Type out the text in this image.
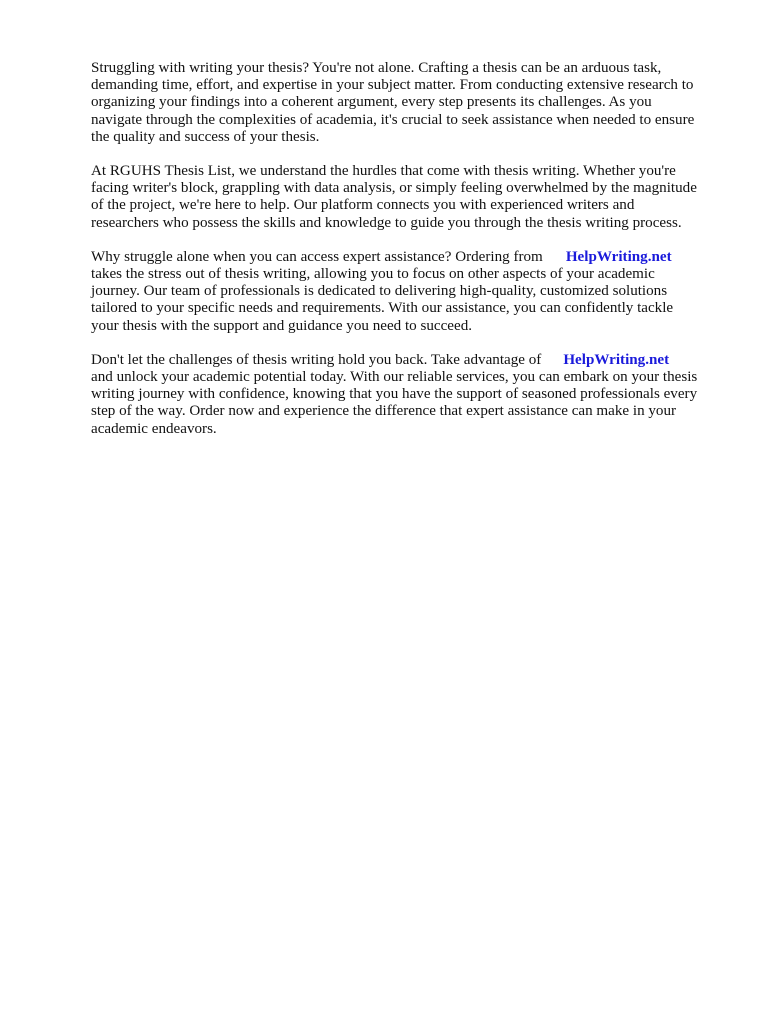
Struggling with writing your thesis? You're not alone. Crafting a thesis can be an arduous task,
demanding time, effort, and expertise in your subject matter. From conducting extensive research to
organizing your findings into a coherent argument, every step presents its challenges. As you
navigate through the complexities of academia, it's crucial to seek assistance when needed to ensure
the quality and success of your thesis.

At RGUHS Thesis List, we understand the hurdles that come with thesis writing. Whether you're
facing writer's block, grappling with data analysis, or simply feeling overwhelmed by the magnitude
of the project, we're here to help. Our platform connects you with experienced writers and
researchers who possess the skills and knowledge to guide you through the thesis writing process.

Why struggle alone when you can access expert assistance? Ordering from HelpWriting.net
takes the stress out of thesis writing, allowing you to focus on other aspects of your academic
journey. Our team of professionals is dedicated to delivering high-quality, customized solutions
tailored to your specific needs and requirements. With our assistance, you can confidently tackle
your thesis with the support and guidance you need to succeed.

Don't let the challenges of thesis writing hold you back. Take advantage of HelpWriting.net
and unlock your academic potential today. With our reliable services, you can embark on your thesis
writing journey with confidence, knowing that you have the support of seasoned professionals every
step of the way. Order now and experience the difference that expert assistance can make in your
academic endeavors.
